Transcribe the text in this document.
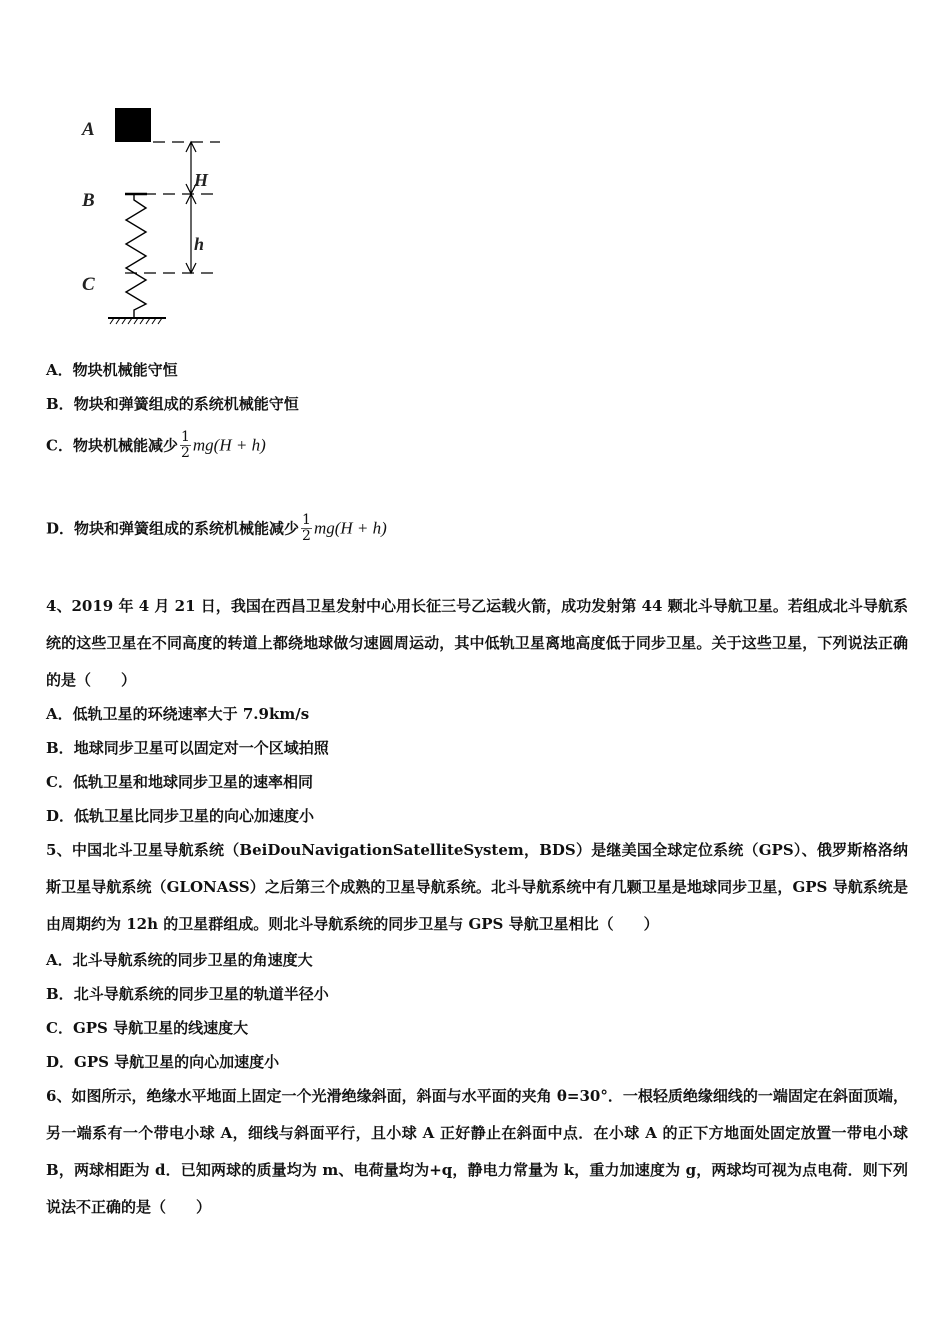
A
B
C
H
h
A．物块机械能守恒
B．物块和弹簧组成的系统机械能守恒
C．物块机械能减少 $\frac{1}{2} mg(H + h)$
D．物块和弹簧组成的系统机械能减少 $\frac{1}{2} mg(H + h)$
4、2019 年 4 月 21 日，我国在西昌卫星发射中心用长征三号乙运载火箭，成功发射第 44 颗北斗导航卫星。若组成北斗导航系统的这些卫星在不同高度的转道上都绕地球做匀速圆周运动，其中低轨卫星离地高度低于同步卫星。关于这些卫星，下列说法正确的是（　　）
A．低轨卫星的环绕速率大于 7.9km/s
B．地球同步卫星可以固定对一个区域拍照
C．低轨卫星和地球同步卫星的速率相同
D．低轨卫星比同步卫星的向心加速度小
5、中国北斗卫星导航系统（BeiDouNavigationSatelliteSystem，BDS）是继美国全球定位系统（GPS）、俄罗斯格洛纳斯卫星导航系统（GLONASS）之后第三个成熟的卫星导航系统。北斗导航系统中有几颗卫星是地球同步卫星，GPS 导航系统是由周期约为 12h 的卫星群组成。则北斗导航系统的同步卫星与 GPS 导航卫星相比（　　）
A．北斗导航系统的同步卫星的角速度大
B．北斗导航系统的同步卫星的轨道半径小
C．GPS 导航卫星的线速度大
D．GPS 导航卫星的向心加速度小
6、如图所示，绝缘水平地面上固定一个光滑绝缘斜面，斜面与水平面的夹角 θ=30°．一根轻质绝缘细线的一端固定在斜面顶端，另一端系有一个带电小球 A，细线与斜面平行，且小球 A 正好静止在斜面中点．在小球 A 的正下方地面处固定放置一带电小球 B，两球相距为 d．已知两球的质量均为 m、电荷量均为+q，静电力常量为 k，重力加速度为 g，两球均可视为点电荷．则下列说法不正确的是（　　）
